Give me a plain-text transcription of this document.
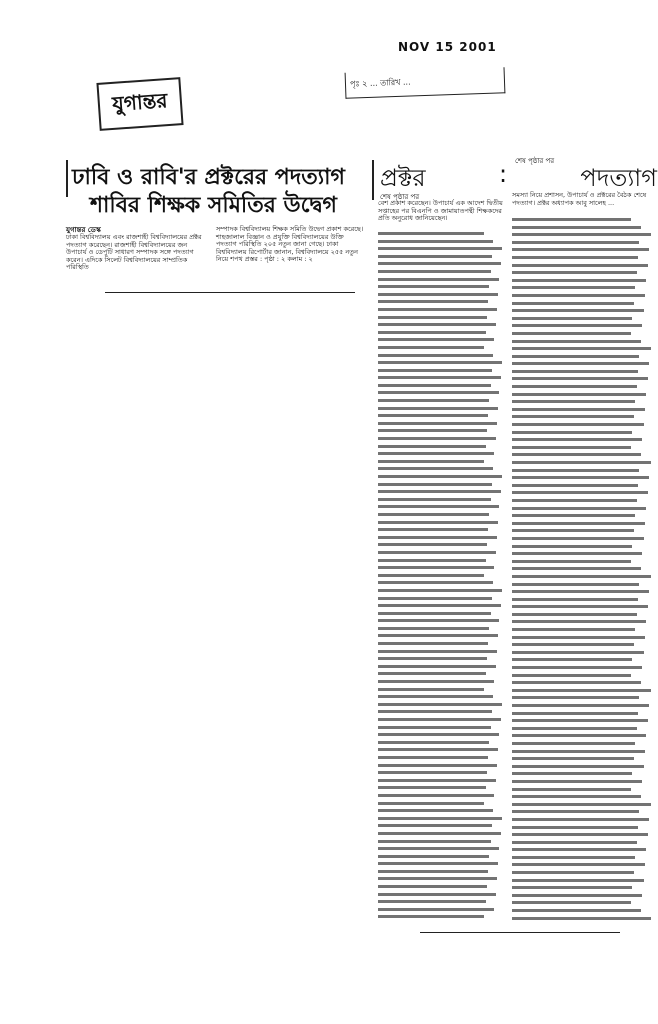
NOV 15 2001
পৃঃ ২ ... তারিখ ...
যুগান্তর
ঢাবি ও রাবি'র প্রক্টরের পদত্যাগ
শাবির শিক্ষক সমিতির উদ্বেগ
যুগান্তর ডেস্ক
ঢাকা বিশ্ববিদ্যালয় এবং রাজশাহী বিশ্ববিদ্যালয়ের প্রক্টর পদত্যাগ করেছেন। রাজশাহী বিশ্ববিদ্যালয়ের জন উপাচার্য ও ডেপুটি সাধারণ সম্পাদক সঙ্গে পদত্যাগ করেন। এদিকে সিলেট বিশ্ববিদ্যালয়ের সাম্প্রতিক পরিস্থিতি
সম্পাদক বিশ্ববিদ্যালয় শিক্ষক সমিতি উদ্বেগ প্রকাশ করেছে। শাহজালাল বিজ্ঞান ও প্রযুক্তি বিশ্ববিদ্যালয়ের উক্তি পদত্যাগ পরিস্থিতি ২০৫ নতুন জানা গেছে। ঢাকা বিশ্ববিদ্যালয় রিপোর্টার জানান, বিশ্ববিদ্যালয়ে ২৫৫ নতুন নিয়ে শপথ প্রস্তর : পৃষ্ঠা : ২ কলাম : ২
প্রক্টর	:	পদত্যাগ
শেষ পৃষ্ঠার পর
শেষ পৃষ্ঠার পর
বেশ প্রকাশ করেছেন। উপাচার্য এক আদেশ দ্বিতীয় সপ্তাহের পর বিএনপি ও জামায়াতপন্থী শিক্ষকদের প্রতি অনুরোধ জানিয়েছেন।
সমস্যা নিয়ে প্রশাসন, উপাচার্য ও প্রক্টরের বৈঠক শেষে পদত্যাগ। প্রক্টর অধ্যাপক আবু সালেহ ...
